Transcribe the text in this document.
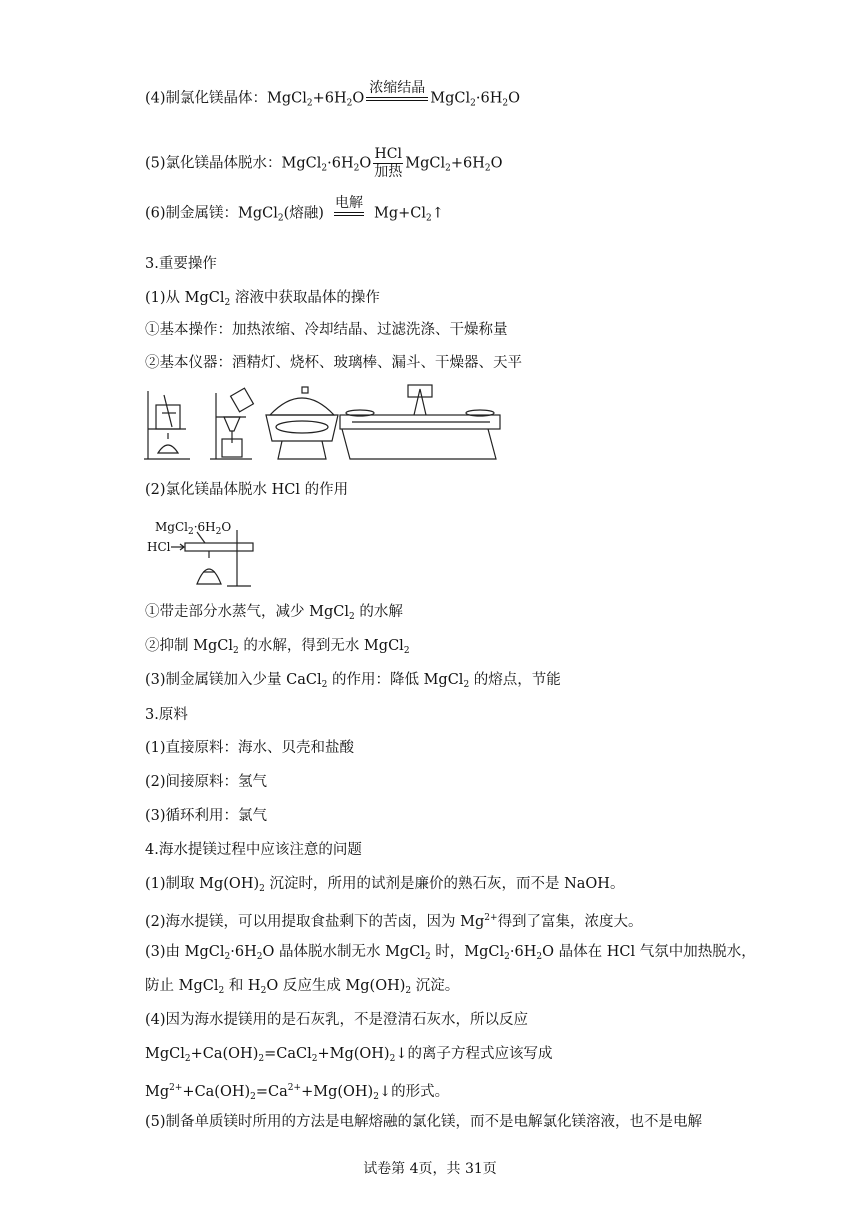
(4)制氯化镁晶体：$MgCl_2+6H_2O$
浓缩结晶
$MgCl_2\cdot 6H_2O$
(5)氯化镁晶体脱水：$MgCl_2\cdot 6H_2O$
HCl
加热
$MgCl_2+6H_2O$
(6)制金属镁：MgCl$_2$(熔融)
电解
$Mg+Cl_2↑$
3.重要操作
(1)从 MgCl$_2$ 溶液中获取晶体的操作
①基本操作：加热浓缩、冷却结晶、过滤洗涤、干燥称量
②基本仪器：酒精灯、烧杯、玻璃棒、漏斗、干燥器、天平
(2)氯化镁晶体脱水 HCl 的作用
$MgCl_2\cdot 6H_2O$
HCl
①带走部分水蒸气，减少 MgCl$_2$ 的水解
②抑制 MgCl$_2$ 的水解，得到无水 MgCl$_2$
(3)制金属镁加入少量 CaCl$_2$ 的作用：降低 MgCl$_2$ 的熔点，节能
3.原料
(1)直接原料：海水、贝壳和盐酸
(2)间接原料：氢气
(3)循环利用：氯气
4.海水提镁过程中应该注意的问题
(1)制取 $Mg(OH)_2$ 沉淀时，所用的试剂是廉价的熟石灰，而不是 NaOH。
(2)海水提镁，可以用提取食盐剩下的苦卤，因为 $Mg^{2+}$得到了富集，浓度大。
(3)由 $MgCl_2\cdot 6H_2O$ 晶体脱水制无水 MgCl$_2$ 时，$MgCl_2\cdot 6H_2O$ 晶体在 HCl 气氛中加热脱水，
防止 MgCl$_2$ 和 $H_2O$ 反应生成 $Mg(OH)_2$ 沉淀。
(4)因为海水提镁用的是石灰乳，不是澄清石灰水，所以反应
$MgCl_2+Ca(OH)_2=CaCl_2+Mg(OH)_2↓$的离子方程式应该写成
$Mg^{2+}+Ca(OH)_2=Ca^{2+}+Mg(OH)_2↓$的形式。
(5)制备单质镁时所用的方法是电解熔融的氯化镁，而不是电解氯化镁溶液，也不是电解
试卷第 4页，共 31页
